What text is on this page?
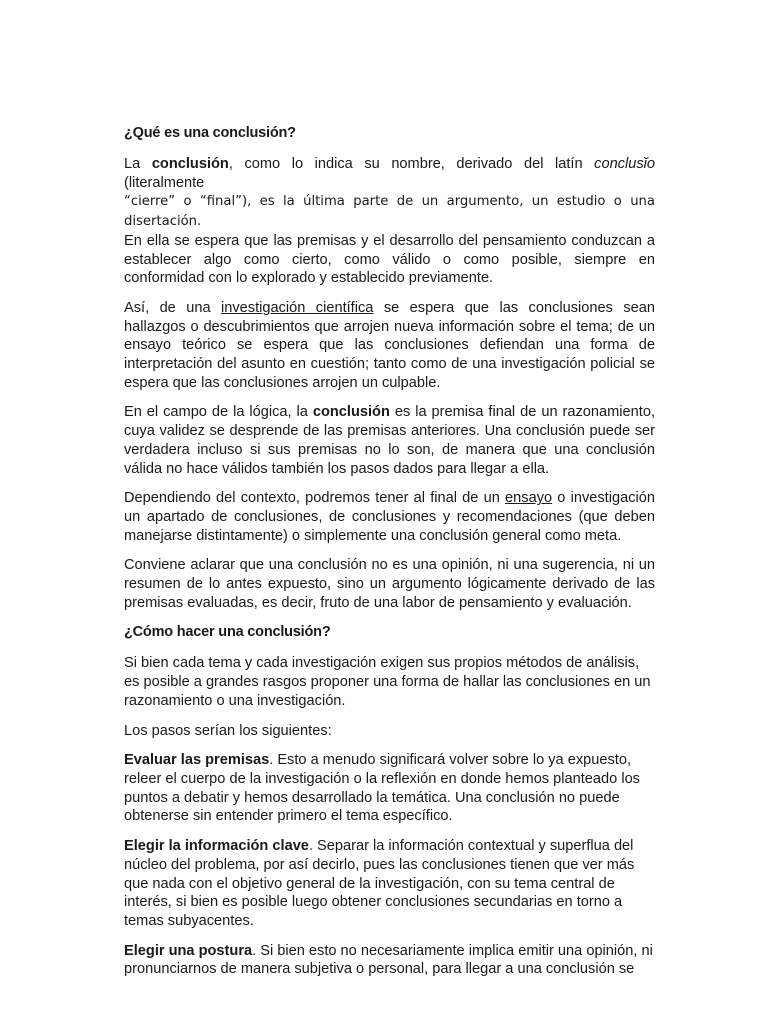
¿Qué es una conclusión?

La conclusión, como lo indica su nombre, derivado del latín conclusĭo (literalmente
“cierre” o “final”), es la última parte de un argumento, un estudio o una disertación.
En ella se espera que las premisas y el desarrollo del pensamiento conduzcan a establecer algo como cierto, como válido o como posible, siempre en conformidad con lo explorado y establecido previamente.

Así, de una investigación científica se espera que las conclusiones sean hallazgos o descubrimientos que arrojen nueva información sobre el tema; de un ensayo teórico se espera que las conclusiones defiendan una forma de interpretación del asunto en cuestión; tanto como de una investigación policial se espera que las conclusiones arrojen un culpable.

En el campo de la lógica, la conclusión es la premisa final de un razonamiento, cuya validez se desprende de las premisas anteriores. Una conclusión puede ser verdadera incluso si sus premisas no lo son, de manera que una conclusión válida no hace válidos también los pasos dados para llegar a ella.

Dependiendo del contexto, podremos tener al final de un ensayo o investigación un apartado de conclusiones, de conclusiones y recomendaciones (que deben manejarse distintamente) o simplemente una conclusión general como meta.

Conviene aclarar que una conclusión no es una opinión, ni una sugerencia, ni un resumen de lo antes expuesto, sino un argumento lógicamente derivado de las premisas evaluadas, es decir, fruto de una labor de pensamiento y evaluación.

¿Cómo hacer una conclusión?

Si bien cada tema y cada investigación exigen sus propios métodos de análisis, es posible a grandes rasgos proponer una forma de hallar las conclusiones en un razonamiento o una investigación.

Los pasos serían los siguientes:

Evaluar las premisas. Esto a menudo significará volver sobre lo ya expuesto, releer el cuerpo de la investigación o la reflexión en donde hemos planteado los puntos a debatir y hemos desarrollado la temática. Una conclusión no puede obtenerse sin entender primero el tema específico.

Elegir la información clave. Separar la información contextual y superflua del núcleo del problema, por así decirlo, pues las conclusiones tienen que ver más que nada con el objetivo general de la investigación, con su tema central de interés, si bien es posible luego obtener conclusiones secundarias en torno a temas subyacentes.

Elegir una postura. Si bien esto no necesariamente implica emitir una opinión, ni pronunciarnos de manera subjetiva o personal, para llegar a una conclusión se
